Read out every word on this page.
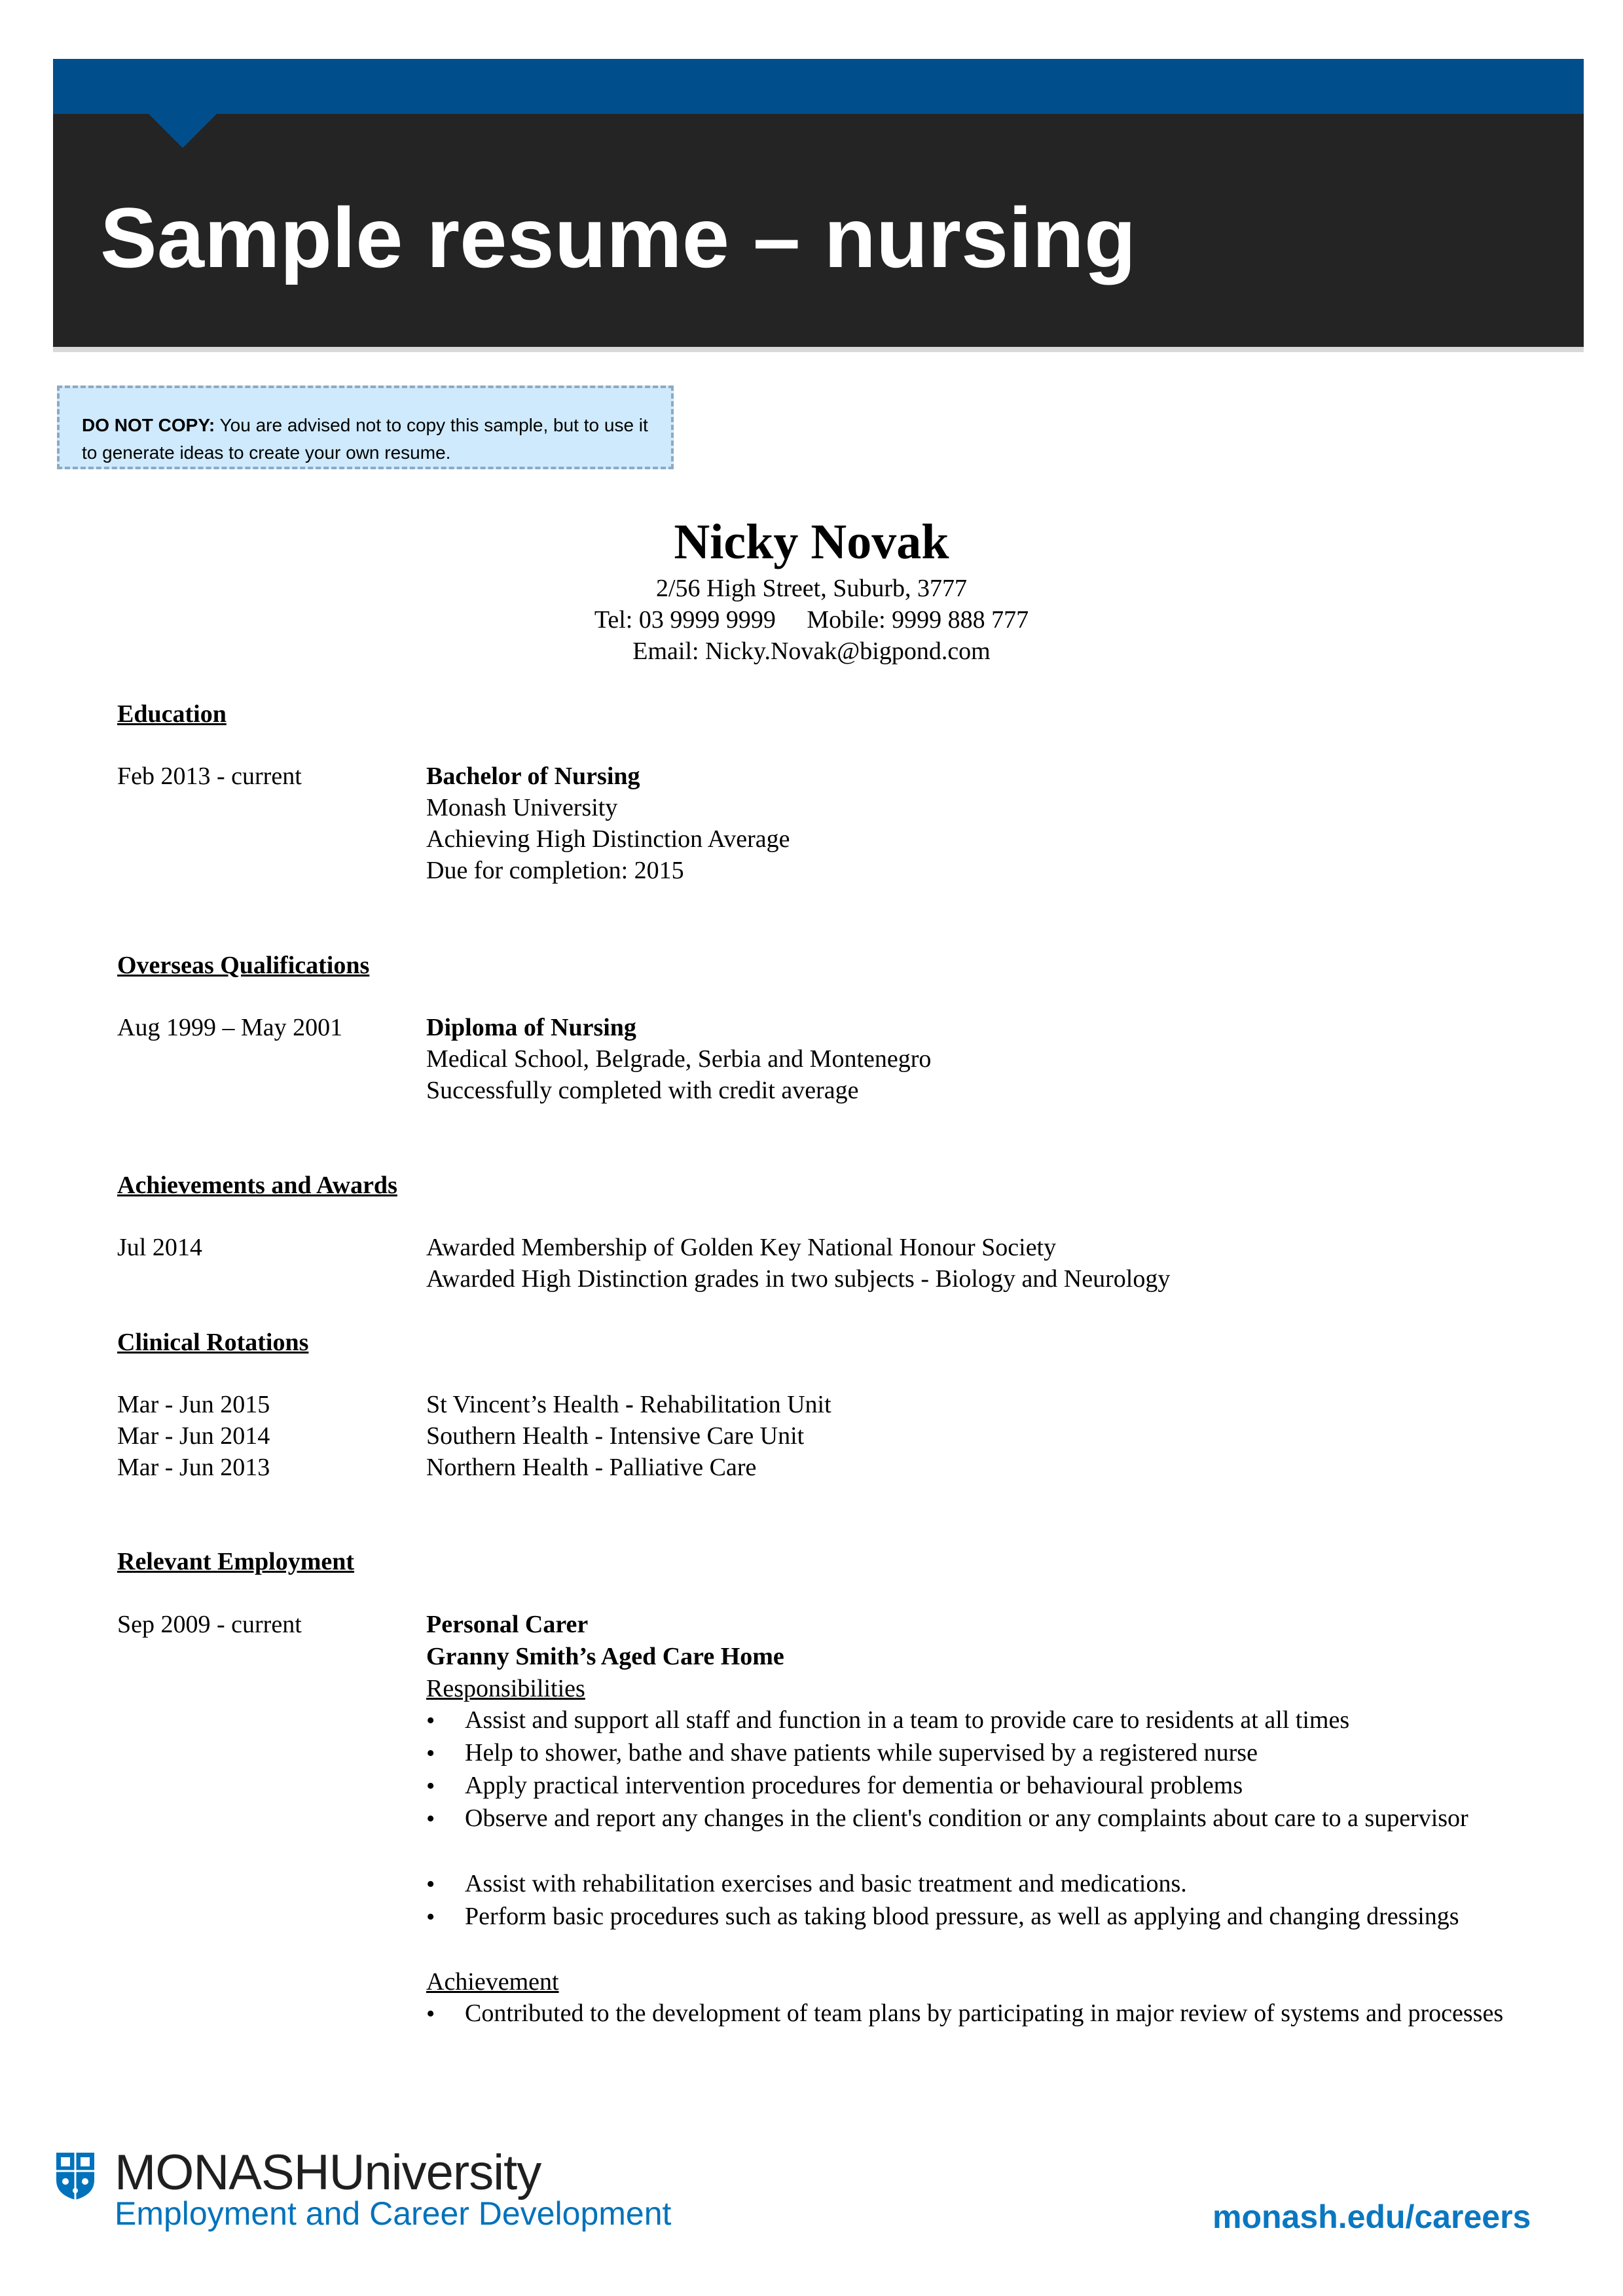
Sample resume – nursing
DO NOT COPY: You are advised not to copy this sample, but to use it to generate ideas to create your own resume.
Nicky Novak
2/56 High Street, Suburb, 3777
Tel: 03 9999 9999     Mobile: 9999 888 777
Email: Nicky.Novak@bigpond.com
Education
Feb 2013 - current	Bachelor of Nursing
Monash University
Achieving High Distinction Average
Due for completion: 2015
Overseas Qualifications
Aug 1999 – May 2001	Diploma of Nursing
Medical School, Belgrade, Serbia and Montenegro
Successfully completed with credit average
Achievements and Awards
Jul 2014	Awarded Membership of Golden Key National Honour Society
Awarded High Distinction grades in two subjects - Biology and Neurology
Clinical Rotations
Mar - Jun 2015	St Vincent’s Health - Rehabilitation Unit
Mar - Jun 2014	Southern Health - Intensive Care Unit
Mar - Jun 2013	Northern Health - Palliative Care
Relevant Employment
Sep 2009 - current	Personal Carer
Granny Smith’s Aged Care Home
Responsibilities
• Assist and support all staff and function in a team to provide care to residents at all times
• Help to shower, bathe and shave patients while supervised by a registered nurse
• Apply practical intervention procedures for dementia or behavioural problems
• Observe and report any changes in the client's condition or any complaints about care to a supervisor
• Assist with rehabilitation exercises and basic treatment and medications.
• Perform basic procedures such as taking blood pressure, as well as applying and changing dressings
Achievement
• Contributed to the development of team plans by participating in major review of systems and processes
MONASHUniversity
Employment and Career Development	monash.edu/careers
